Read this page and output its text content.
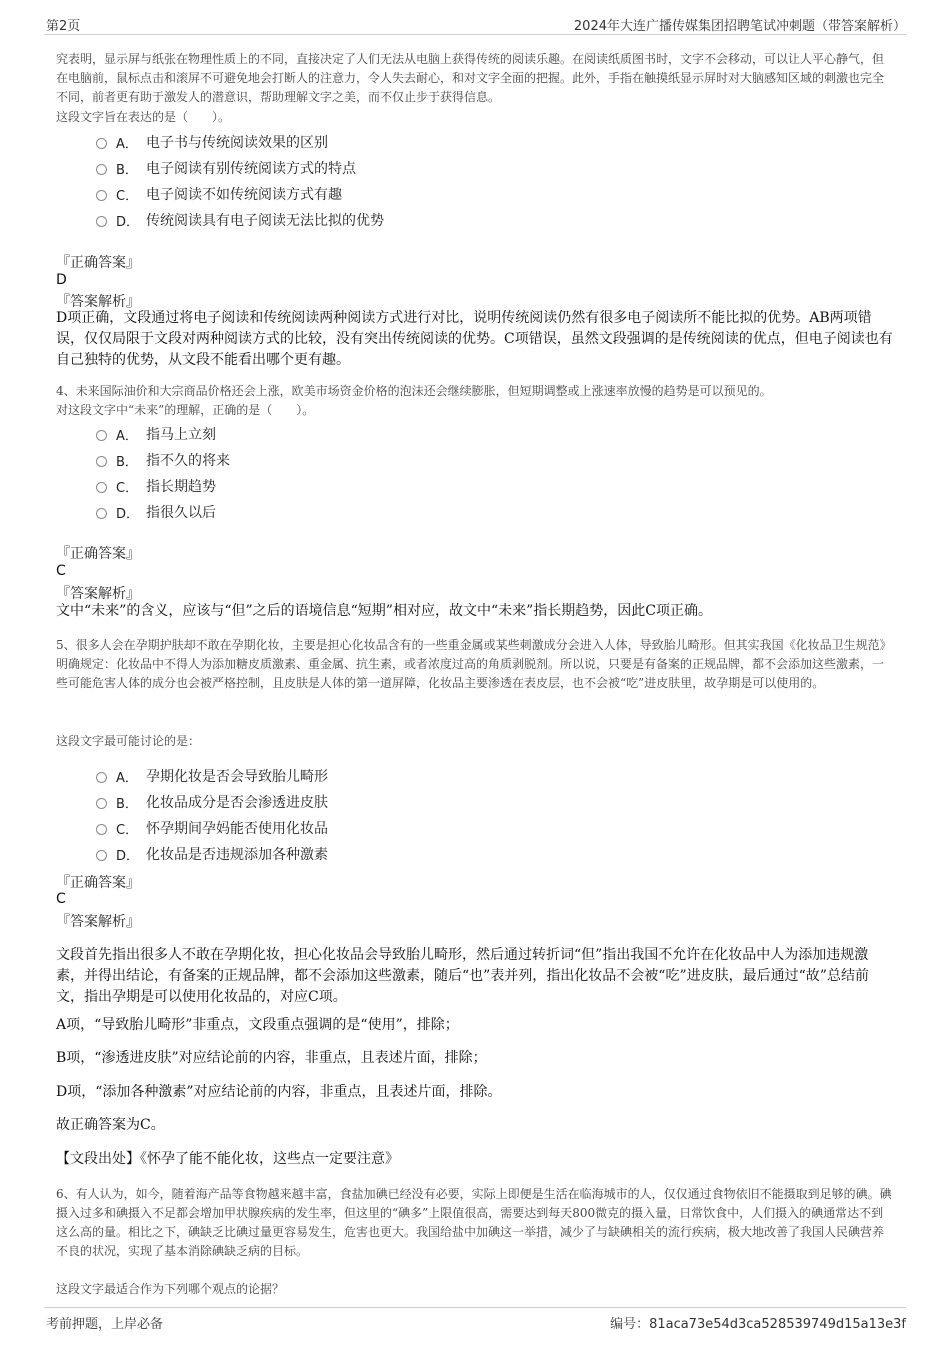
第2页	2024年大连广播传媒集团招聘笔试冲刺题（带答案解析）

究表明，显示屏与纸张在物理性质上的不同，直接决定了人们无法从电脑上获得传统的阅读乐趣。在阅读纸质图书时，文字不会移动，可以让人平心静气，但在电脑前，鼠标点击和滚屏不可避免地会打断人的注意力，令人失去耐心，和对文字全面的把握。此外，手指在触摸纸显示屏时对大脑感知区域的刺激也完全不同，前者更有助于激发人的潜意识，帮助理解文字之美，而不仅止步于获得信息。

这段文字旨在表达的是（　　）。
A． 电子书与传统阅读效果的区别
B． 电子阅读有别传统阅读方式的特点
C． 电子阅读不如传统阅读方式有趣
D． 传统阅读具有电子阅读无法比拟的优势
『正确答案』
D
『答案解析』

D项正确，文段通过将电子阅读和传统阅读两种阅读方式进行对比，说明传统阅读仍然有很多电子阅读所不能比拟的优势。AB两项错误，仅仅局限于文段对两种阅读方式的比较，没有突出传统阅读的优势。C项错误，虽然文段强调的是传统阅读的优点，但电子阅读也有自己独特的优势，从文段不能看出哪个更有趣。

4、未来国际油价和大宗商品价格还会上涨，欧美市场资金价格的泡沫还会继续膨胀，但短期调整或上涨速率放慢的趋势是可以预见的。

对这段文字中“未来”的理解，正确的是（　　）。
A． 指马上立刻
B． 指不久的将来
C． 指长期趋势
D． 指很久以后
『正确答案』
C
『答案解析』

文中“未来”的含义，应该与“但”之后的语境信息“短期”相对应，故文中“未来”指长期趋势，因此C项正确。

5、很多人会在孕期护肤却不敢在孕期化妆，主要是担心化妆品含有的一些重金属或某些刺激成分会进入人体，导致胎儿畸形。但其实我国《化妆品卫生规范》明确规定：化妆品中不得人为添加糖皮质激素、重金属、抗生素，或者浓度过高的角质剥脱剂。所以说，只要是有备案的正规品牌，都不会添加这些激素，一些可能危害人体的成分也会被严格控制，且皮肤是人体的第一道屏障，化妆品主要渗透在表皮层，也不会被“吃”进皮肤里，故孕期是可以使用的。

这段文字最可能讨论的是：
A． 孕期化妆是否会导致胎儿畸形
B． 化妆品成分是否会渗透进皮肤
C． 怀孕期间孕妈能否使用化妆品
D． 化妆品是否违规添加各种激素
『正确答案』
C
『答案解析』

文段首先指出很多人不敢在孕期化妆，担心化妆品会导致胎儿畸形，然后通过转折词“但”指出我国不允许在化妆品中人为添加违规激素，并得出结论，有备案的正规品牌，都不会添加这些激素，随后“也”表并列，指出化妆品不会被“吃”进皮肤，最后通过“故”总结前文，指出孕期是可以使用化妆品的，对应C项。

A项，“导致胎儿畸形”非重点，文段重点强调的是“使用”，排除；

B项，“渗透进皮肤”对应结论前的内容，非重点，且表述片面，排除；

D项，“添加各种激素”对应结论前的内容，非重点，且表述片面，排除。

故正确答案为C。

【文段出处】《怀孕了能不能化妆，这些点一定要注意》

6、有人认为，如今，随着海产品等食物越来越丰富，食盐加碘已经没有必要，实际上即便是生活在临海城市的人，仅仅通过食物依旧不能摄取到足够的碘。碘摄入过多和碘摄入不足都会增加甲状腺疾病的发生率，但这里的“碘多”上限值很高，需要达到每天800微克的摄入量，日常饮食中，人们摄入的碘通常达不到这么高的量。相比之下，碘缺乏比碘过量更容易发生，危害也更大。我国给盐中加碘这一举措，减少了与缺碘相关的流行疾病，极大地改善了我国人民碘营养不良的状况，实现了基本消除碘缺乏病的目标。

这段文字最适合作为下列哪个观点的论据？
考前押题，上岸必备	编号：81aca73e54d3ca528539749d15a13e3f
